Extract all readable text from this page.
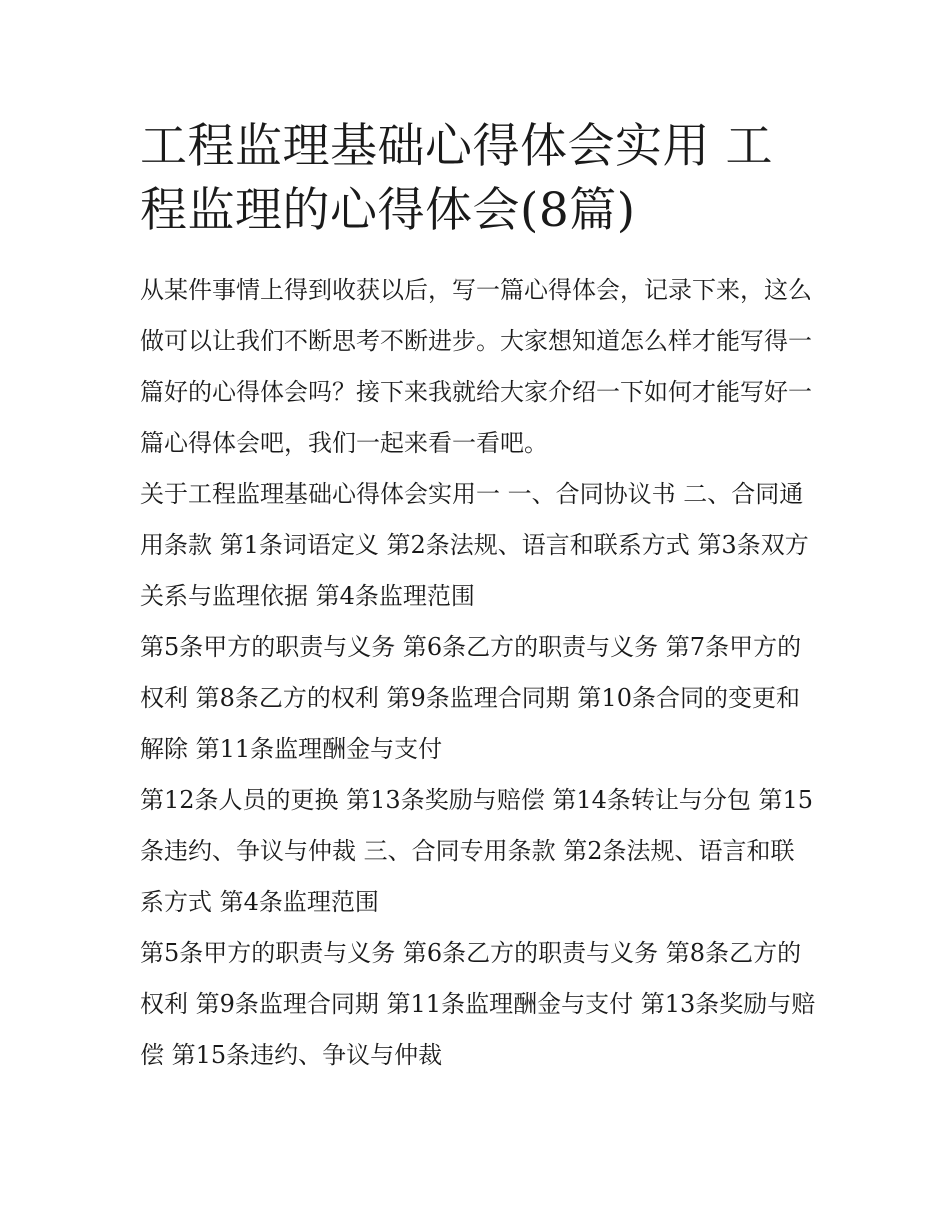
工程监理基础心得体会实用 工程监理的心得体会(8篇)

从某件事情上得到收获以后，写一篇心得体会，记录下来，这么做可以让我们不断思考不断进步。大家想知道怎么样才能写得一篇好的心得体会吗？接下来我就给大家介绍一下如何才能写好一篇心得体会吧，我们一起来看一看吧。

关于工程监理基础心得体会实用一 一、合同协议书 二、合同通用条款 第1条词语定义 第2条法规、语言和联系方式 第3条双方关系与监理依据 第4条监理范围

第5条甲方的职责与义务 第6条乙方的职责与义务 第7条甲方的权利 第8条乙方的权利 第9条监理合同期 第10条合同的变更和解除 第11条监理酬金与支付

第12条人员的更换 第13条奖励与赔偿 第14条转让与分包 第15条违约、争议与仲裁 三、合同专用条款 第2条法规、语言和联系方式 第4条监理范围

第5条甲方的职责与义务 第6条乙方的职责与义务 第8条乙方的权利 第9条监理合同期 第11条监理酬金与支付 第13条奖励与赔偿 第15条违约、争议与仲裁
